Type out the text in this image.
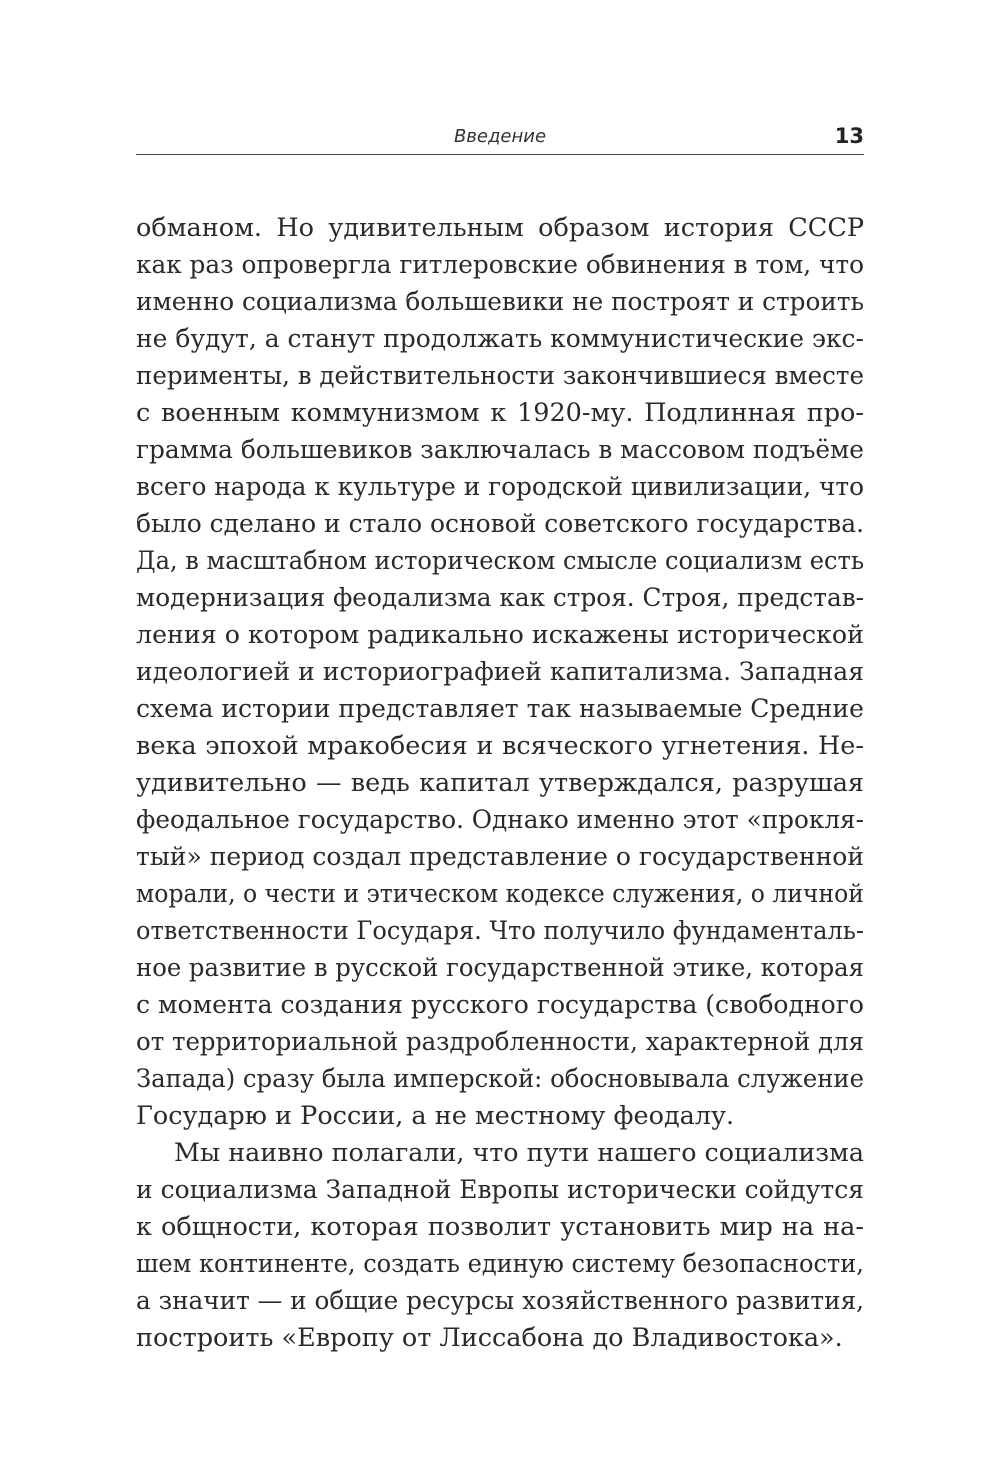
Введение	13
обманом. Но удивительным образом история СССР
как раз опровергла гитлеровские обвинения в том, что
именно социализма большевики не построят и строить
не будут, а станут продолжать коммунистические экс-
перименты, в действительности закончившиеся вместе
с военным коммунизмом к 1920-му. Подлинная про-
грамма большевиков заключалась в массовом подъёме
всего народа к культуре и городской цивилизации, что
было сделано и стало основой советского государства.
Да, в масштабном историческом смысле социализм есть
модернизация феодализма как строя. Строя, представ-
ления о котором радикально искажены исторической
идеологией и историографией капитализма. Западная
схема истории представляет так называемые Средние
века эпохой мракобесия и всяческого угнетения. Не-
удивительно — ведь капитал утверждался, разрушая
феодальное государство. Однако именно этот «прокля-
тый» период создал представление о государственной
морали, о чести и этическом кодексе служения, о личной
ответственности Государя. Что получило фундаменталь-
ное развитие в русской государственной этике, которая
с момента создания русского государства (свободного
от территориальной раздробленности, характерной для
Запада) сразу была имперской: обосновывала служение
Государю и России, а не местному феодалу.
Мы наивно полагали, что пути нашего социализма
и социализма Западной Европы исторически сойдутся
к общности, которая позволит установить мир на на-
шем континенте, создать единую систему безопасности,
а значит — и общие ресурсы хозяйственного развития,
построить «Европу от Лиссабона до Владивостока».
